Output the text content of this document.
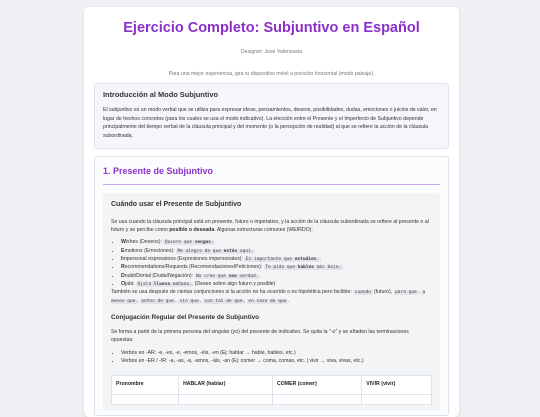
Ejercicio Completo: Subjuntivo en Español
Designer: José Valenzuela
Para una mejor experiencia, gira tu dispositivo móvil a posición horizontal (modo paisaje).
Introducción al Modo Subjuntivo

El subjuntivo es un modo verbal que se utiliza para expresar ideas, pensamientos, deseos, posibilidades, dudas, emociones o juicios de valor, en lugar de hechos concretos (para los cuales se usa el modo indicativo). La elección entre el Presente y el Imperfecto de Subjuntivo depende principalmente del tiempo verbal de la cláusula principal y del momento (o la percepción de realidad) al que se refiere la acción de la cláusula subordinada.

1. Presente de Subjuntivo
Cuándo usar el Presente de Subjuntivo

Se usa cuando la cláusula principal está en presente, futuro o imperativo, y la acción de la cláusula subordinada se refiere al presente o al futuro y se percibe como posible o deseada. Algunas estructuras comunes (WEIRDO):

• Wishes (Deseos): Quiero que vengas.
• Emotions (Emociones): Me alegro de que estés aquí.
• Impersonal expressions (Expresiones impersonales): Es importante que estudies.
• Recommendations/Requests (Recomendaciones/Peticiones): Te pido que hables más bajo.
• Doubt/Denial (Duda/Negación): No creo que sea verdad.
• Ojalá: Ojalá llueva mañana. (Deseo sobre algo futuro y posible)

También se usa después de ciertas conjunciones si la acción no ha ocurrido o es hipotética pero factible: cuando (futuro), para que , a menos que , antes de que , sin que , con tal de que , en caso de que .

Conjugación Regular del Presente de Subjuntivo

Se forma a partir de la primera persona del singular (yo) del presente de indicativo. Se quita la "-o" y se añaden las terminaciones opuestas:

• Verbos en -AR: -e, -es, -e, -emos, -éis, -en (Ej: hablar → hable, hables, etc.)
• Verbos en -ER / -IR: -a, -as, -a, -amos, -áis, -an (Ej: comer → coma, comas, etc. | vivir → viva, vivas, etc.)
Pronombre	HABLAR (hablar)	COMER (comer)	VIVIR (vivir)
